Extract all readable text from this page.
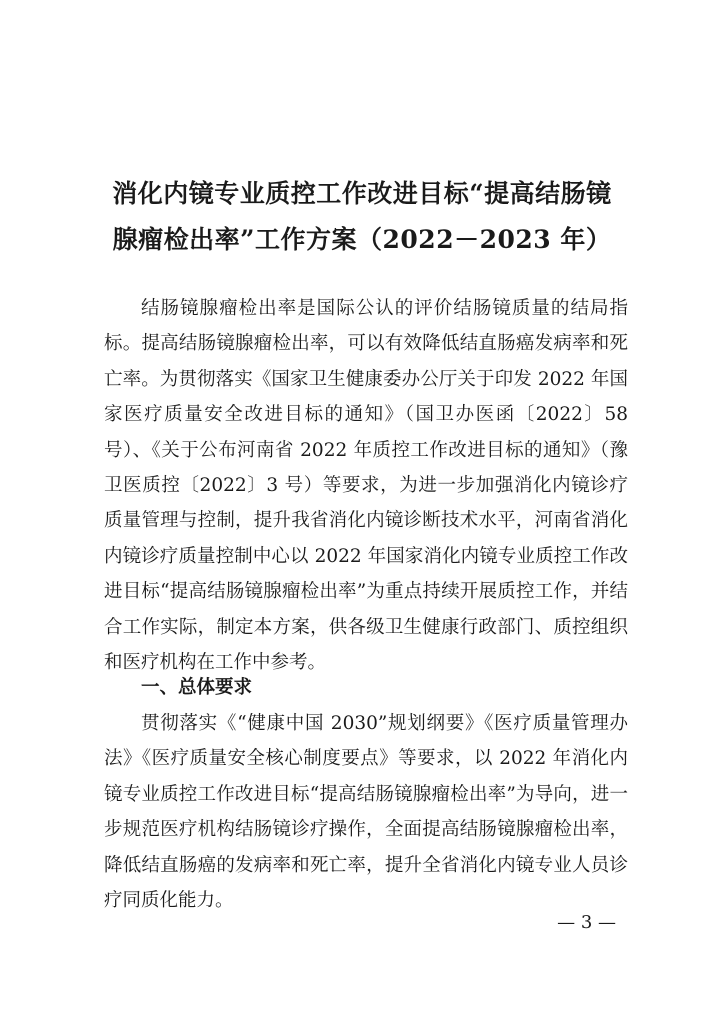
消化内镜专业质控工作改进目标“提高结肠镜
腺瘤检出率”工作方案（2022－2023 年）

结肠镜腺瘤检出率是国际公认的评价结肠镜质量的结局指标。提高结肠镜腺瘤检出率，可以有效降低结直肠癌发病率和死亡率。为贯彻落实《国家卫生健康委办公厅关于印发 2022 年国家医疗质量安全改进目标的通知》（国卫办医函〔2022〕58 号）、《关于公布河南省 2022 年质控工作改进目标的通知》（豫卫医质控〔2022〕3 号）等要求，为进一步加强消化内镜诊疗质量管理与控制，提升我省消化内镜诊断技术水平，河南省消化内镜诊疗质量控制中心以 2022 年国家消化内镜专业质控工作改进目标“提高结肠镜腺瘤检出率”为重点持续开展质控工作，并结合工作实际，制定本方案，供各级卫生健康行政部门、质控组织和医疗机构在工作中参考。

一、总体要求

贯彻落实《“健康中国 2030”规划纲要》《医疗质量管理办法》《医疗质量安全核心制度要点》等要求，以 2022 年消化内镜专业质控工作改进目标“提高结肠镜腺瘤检出率”为导向，进一步规范医疗机构结肠镜诊疗操作，全面提高结肠镜腺瘤检出率，降低结直肠癌的发病率和死亡率，提升全省消化内镜专业人员诊疗同质化能力。

— 3 —
